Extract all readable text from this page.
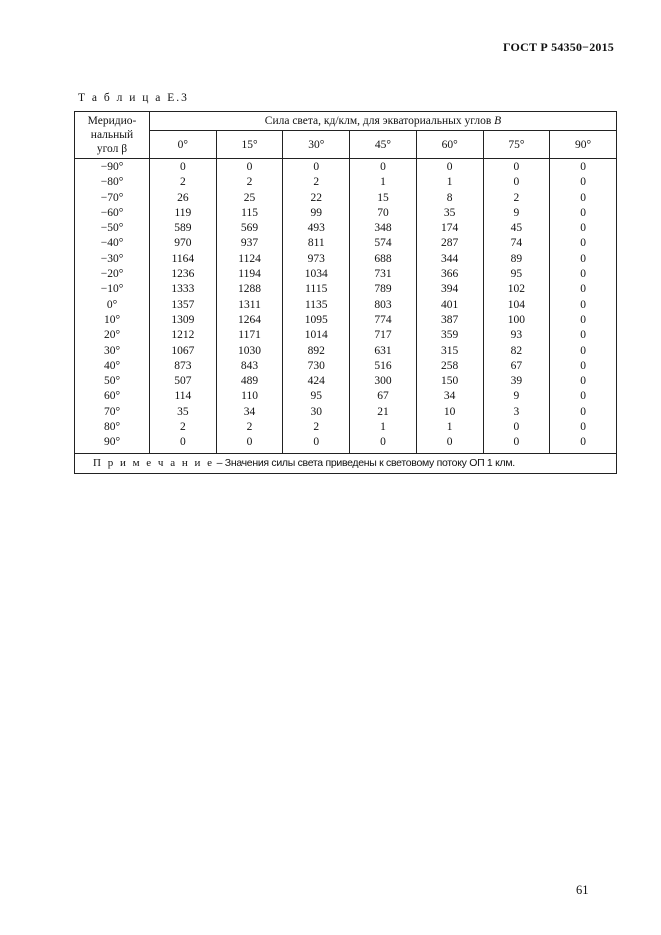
ГОСТ Р 54350−2015
Т а б л и ц а Е.3
Меридио-
нальный
угол β	Сила света, кд/клм, для экваториальных углов B						
	0°	15°	30°	45°	60°	75°	90°
−90°	0	0	0	0	0	0	0
−80°	2	2	2	1	1	0	0
−70°	26	25	22	15	8	2	0
−60°	119	115	99	70	35	9	0
−50°	589	569	493	348	174	45	0
−40°	970	937	811	574	287	74	0
−30°	1164	1124	973	688	344	89	0
−20°	1236	1194	1034	731	366	95	0
−10°	1333	1288	1115	789	394	102	0
0°	1357	1311	1135	803	401	104	0
10°	1309	1264	1095	774	387	100	0
20°	1212	1171	1014	717	359	93	0
30°	1067	1030	892	631	315	82	0
40°	873	843	730	516	258	67	0
50°	507	489	424	300	150	39	0
60°	114	110	95	67	34	9	0
70°	35	34	30	21	10	3	0
80°	2	2	2	1	1	0	0
90°	0	0	0	0	0	0	0
П р и м е ч а н и е – Значения силы света приведены к световому потоку ОП 1 клм.							
61
